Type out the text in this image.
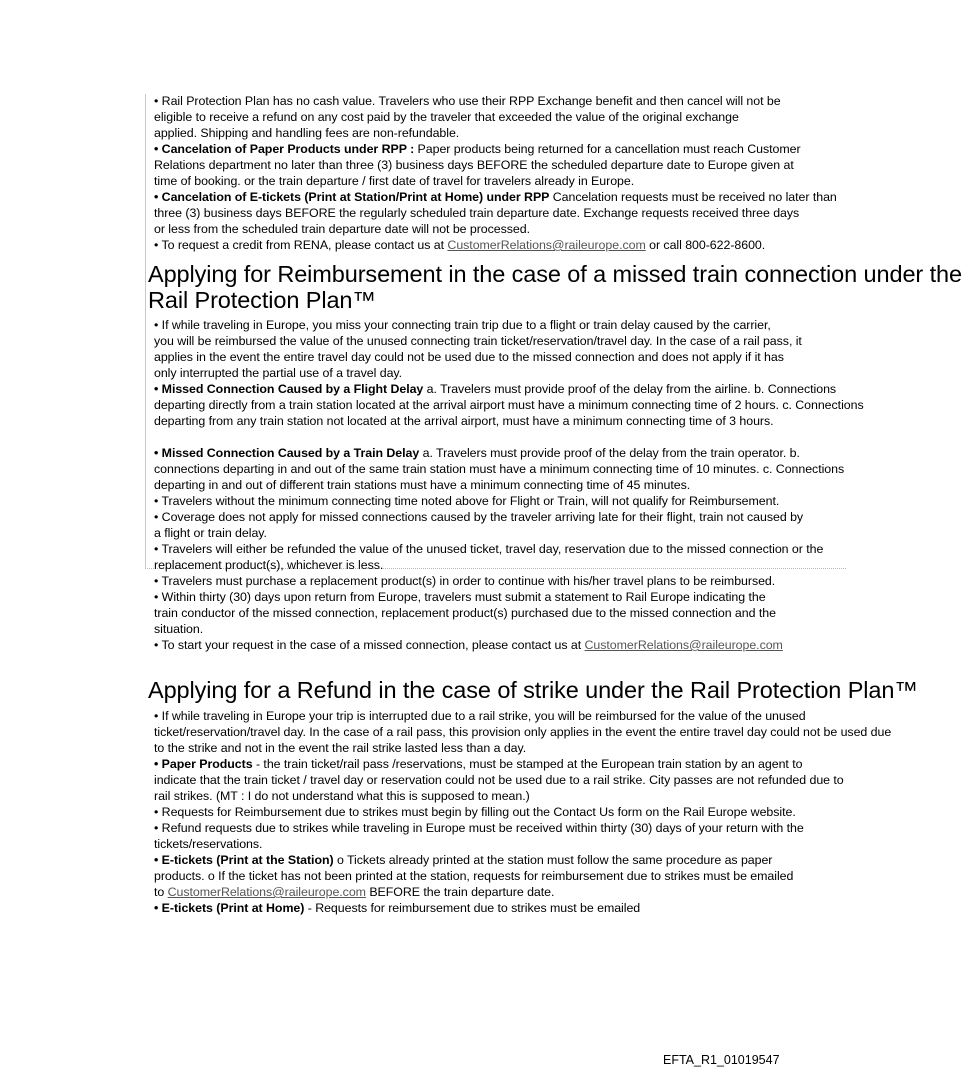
• Rail Protection Plan has no cash value. Travelers who use their RPP Exchange benefit and then cancel will not be
eligible to receive a refund on any cost paid by the traveler that exceeded the value of the original exchange
applied. Shipping and handling fees are non-refundable.
• Cancelation of Paper Products under RPP : Paper products being returned for a cancellation must reach Customer
Relations department no later than three (3) business days BEFORE the scheduled departure date to Europe given at
time of booking. or the train departure / first date of travel for travelers already in Europe.
• Cancelation of E-tickets (Print at Station/Print at Home) under RPP Cancelation requests must be received no later than
three (3) business days BEFORE the regularly scheduled train departure date. Exchange requests received three days
or less from the scheduled train departure date will not be processed.
• To request a credit from RENA, please contact us at CustomerRelations@raileurope.com or call 800-622-8600.
Applying for Reimbursement in the case of a missed train connection under the
Rail Protection Plan™
• If while traveling in Europe, you miss your connecting train trip due to a flight or train delay caused by the carrier,
you will be reimbursed the value of the unused connecting train ticket/reservation/travel day. In the case of a rail pass, it
applies in the event the entire travel day could not be used due to the missed connection and does not apply if it has
only interrupted the partial use of a travel day.
• Missed Connection Caused by a Flight Delay a. Travelers must provide proof of the delay from the airline. b. Connections
departing directly from a train station located at the arrival airport must have a minimum connecting time of 2 hours. c. Connections
departing from any train station not located at the arrival airport, must have a minimum connecting time of 3 hours.
• Missed Connection Caused by a Train Delay a. Travelers must provide proof of the delay from the train operator. b.
connections departing in and out of the same train station must have a minimum connecting time of 10 minutes. c. Connections
departing in and out of different train stations must have a minimum connecting time of 45 minutes.
• Travelers without the minimum connecting time noted above for Flight or Train, will not qualify for Reimbursement.
• Coverage does not apply for missed connections caused by the traveler arriving late for their flight, train not caused by
a flight or train delay.
• Travelers will either be refunded the value of the unused ticket, travel day, reservation due to the missed connection or the
replacement product(s), whichever is less.
• Travelers must purchase a replacement product(s) in order to continue with his/her travel plans to be reimbursed.
• Within thirty (30) days upon return from Europe, travelers must submit a statement to Rail Europe indicating the
train conductor of the missed connection, replacement product(s) purchased due to the missed connection and the
situation.
• To start your request in the case of a missed connection, please contact us at CustomerRelations@raileurope.com
Applying for a Refund in the case of strike under the Rail Protection Plan™
• If while traveling in Europe your trip is interrupted due to a rail strike, you will be reimbursed for the value of the unused
ticket/reservation/travel day. In the case of a rail pass, this provision only applies in the event the entire travel day could not be used due
to the strike and not in the event the rail strike lasted less than a day.
• Paper Products - the train ticket/rail pass /reservations, must be stamped at the European train station by an agent to
indicate that the train ticket / travel day or reservation could not be used due to a rail strike. City passes are not refunded due to
rail strikes. (MT : I do not understand what this is supposed to mean.)
• Requests for Reimbursement due to strikes must begin by filling out the Contact Us form on the Rail Europe website.
• Refund requests due to strikes while traveling in Europe must be received within thirty (30) days of your return with the
tickets/reservations.
• E-tickets (Print at the Station) o Tickets already printed at the station must follow the same procedure as paper
products. o If the ticket has not been printed at the station, requests for reimbursement due to strikes must be emailed
to CustomerRelations@raileurope.com BEFORE the train departure date.
• E-tickets (Print at Home) - Requests for reimbursement due to strikes must be emailed
EFTA_R1_01019547
